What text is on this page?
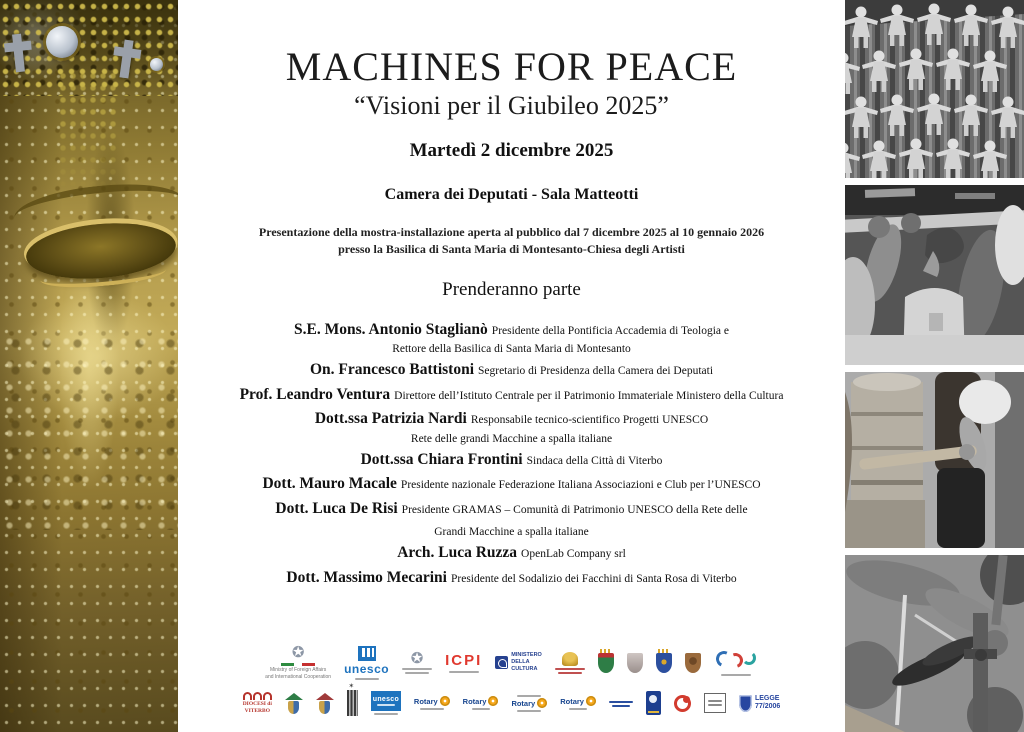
MACHINES FOR PEACE
“Visioni per il Giubileo 2025”
Martedì 2 dicembre 2025
Camera dei Deputati - Sala Matteotti
Presentazione della mostra-installazione aperta al pubblico dal 7 dicembre 2025 al 10 gennaio 2026
presso la Basilica di Santa Maria di Montesanto-Chiesa degli Artisti
Prenderanno parte

S.E. Mons. Antonio Staglianò Presidente della Pontificia Accademia di Teologia e
Rettore della Basilica di Santa Maria di Montesanto

On. Francesco Battistoni Segretario di Presidenza della Camera dei Deputati

Prof. Leandro Ventura Direttore dell’Istituto Centrale per il Patrimonio Immateriale Ministero della Cultura

Dott.ssa Patrizia Nardi Responsabile tecnico-scientifico Progetti UNESCO
Rete delle grandi Macchine a spalla italiane

Dott.ssa Chiara Frontini Sindaca della Città di Viterbo

Dott. Mauro Macale Presidente nazionale Federazione Italiana Associazioni e Club per l’UNESCO

Dott. Luca De Risi Presidente GRAMAS – Comunità di Patrimonio UNESCO della Rete delle
Grandi Macchine a spalla italiane

Arch. Luca Ruzza OpenLab Company srl

Dott. Massimo Mecarini Presidente del Sodalizio dei Facchini di Santa Rosa di Viterbo

✪
Ministry of Foreign Affairs
and International Cooperation
unesco
✪ ICPI	MINISTERO
DELLA
CULTURA
DIOCESI di
VITERBO
✶
unesco Rotary	Rotary	Rotary	Rotary	LEGGE
77/2006
